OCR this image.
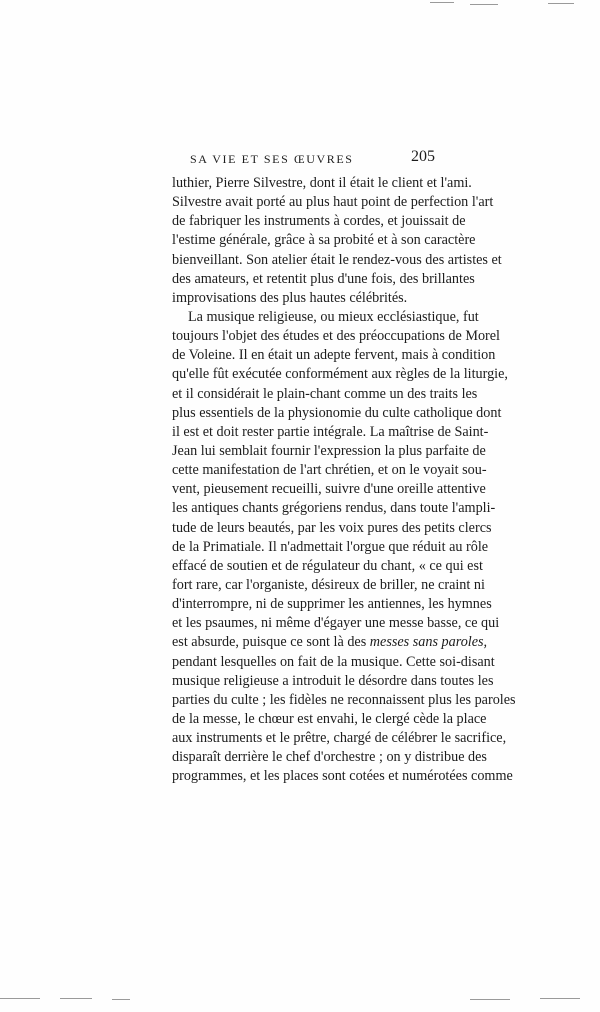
SA VIE ET SES ŒUVRES	205
luthier, Pierre Silvestre, dont il était le client et l'ami.
Silvestre avait porté au plus haut point de perfection l'art
de fabriquer les instruments à cordes, et jouissait de
l'estime générale, grâce à sa probité et à son caractère
bienveillant. Son atelier était le rendez-vous des artistes et
des amateurs, et retentit plus d'une fois, des brillantes
improvisations des plus hautes célébrités.
La musique religieuse, ou mieux ecclésiastique, fut
toujours l'objet des études et des préoccupations de Morel
de Voleine. Il en était un adepte fervent, mais à condition
qu'elle fût exécutée conformément aux règles de la liturgie,
et il considérait le plain-chant comme un des traits les
plus essentiels de la physionomie du culte catholique dont
il est et doit rester partie intégrale. La maîtrise de Saint-
Jean lui semblait fournir l'expression la plus parfaite de
cette manifestation de l'art chrétien, et on le voyait sou-
vent, pieusement recueilli, suivre d'une oreille attentive
les antiques chants grégoriens rendus, dans toute l'ampli-
tude de leurs beautés, par les voix pures des petits clercs
de la Primatiale. Il n'admettait l'orgue que réduit au rôle
effacé de soutien et de régulateur du chant, « ce qui est
fort rare, car l'organiste, désireux de briller, ne craint ni
d'interrompre, ni de supprimer les antiennes, les hymnes
et les psaumes, ni même d'égayer une messe basse, ce qui
est absurde, puisque ce sont là des messes sans paroles,
pendant lesquelles on fait de la musique. Cette soi-disant
musique religieuse a introduit le désordre dans toutes les
parties du culte ; les fidèles ne reconnaissent plus les paroles
de la messe, le chœur est envahi, le clergé cède la place
aux instruments et le prêtre, chargé de célébrer le sacrifice,
disparaît derrière le chef d'orchestre ; on y distribue des
programmes, et les places sont cotées et numérotées comme
